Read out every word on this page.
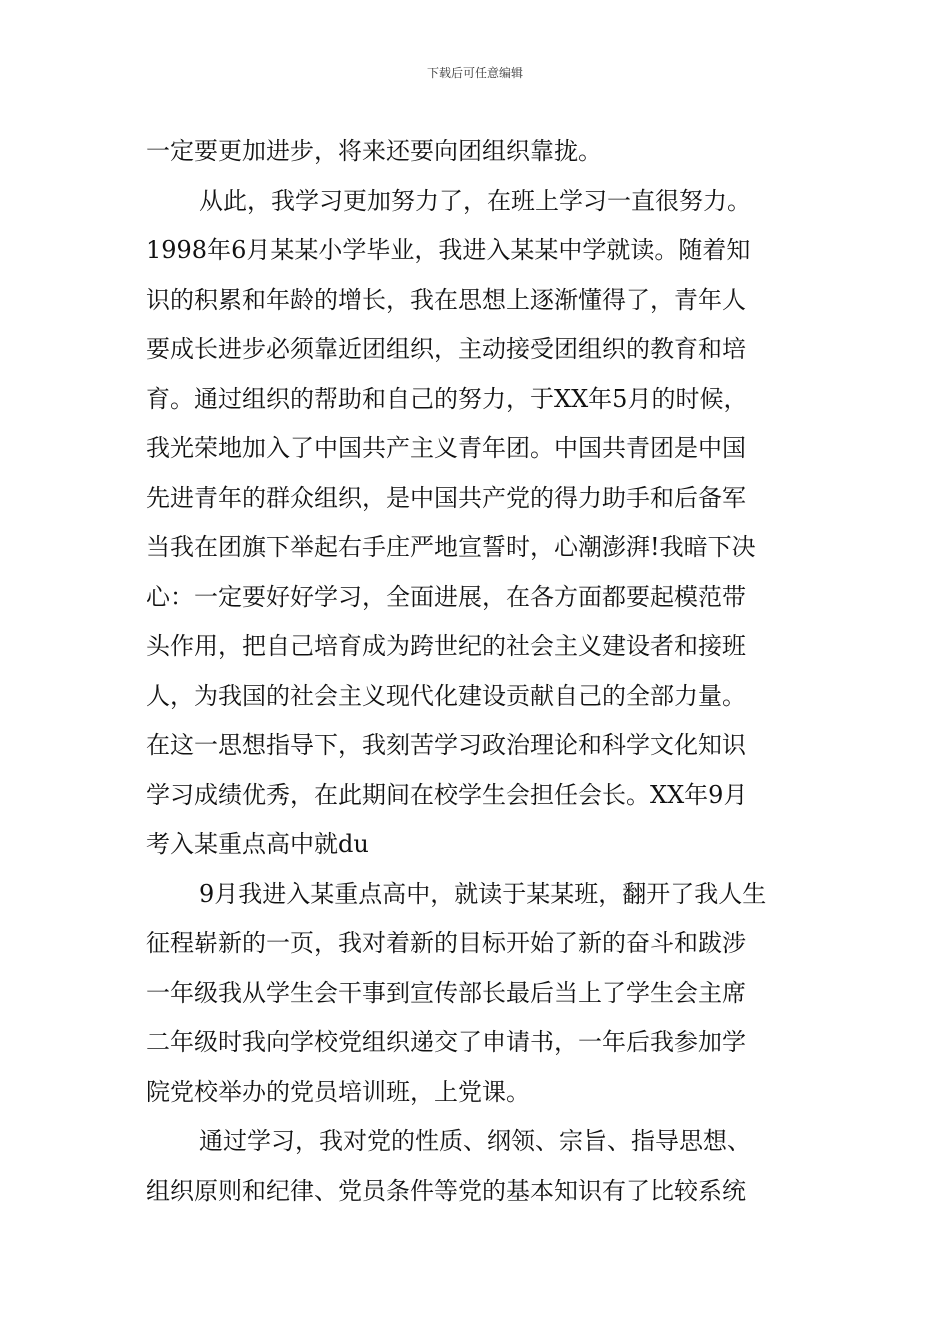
下载后可任意编辑
一定要更加进步，将来还要向团组织靠拢。
从此，我学习更加努力了，在班上学习一直很努力。
1998年6月某某小学毕业，我进入某某中学就读。随着知
识的积累和年龄的增长，我在思想上逐渐懂得了，青年人
要成长进步必须靠近团组织，主动接受团组织的教育和培
育。通过组织的帮助和自己的努力，于XX年5月的时候，
我光荣地加入了中国共产主义青年团。中国共青团是中国
先进青年的群众组织，是中国共产党的得力助手和后备军
当我在团旗下举起右手庄严地宣誓时，心潮澎湃!我暗下决
心：一定要好好学习，全面进展，在各方面都要起模范带
头作用，把自己培育成为跨世纪的社会主义建设者和接班
人，为我国的社会主义现代化建设贡献自己的全部力量。
在这一思想指导下，我刻苦学习政治理论和科学文化知识
学习成绩优秀，在此期间在校学生会担任会长。XX年9月
考入某重点高中就du
9月我进入某重点高中，就读于某某班，翻开了我人生
征程崭新的一页，我对着新的目标开始了新的奋斗和跋涉
一年级我从学生会干事到宣传部长最后当上了学生会主席
二年级时我向学校党组织递交了申请书，一年后我参加学
院党校举办的党员培训班，上党课。
通过学习，我对党的性质、纲领、宗旨、指导思想、
组织原则和纪律、党员条件等党的基本知识有了比较系统
